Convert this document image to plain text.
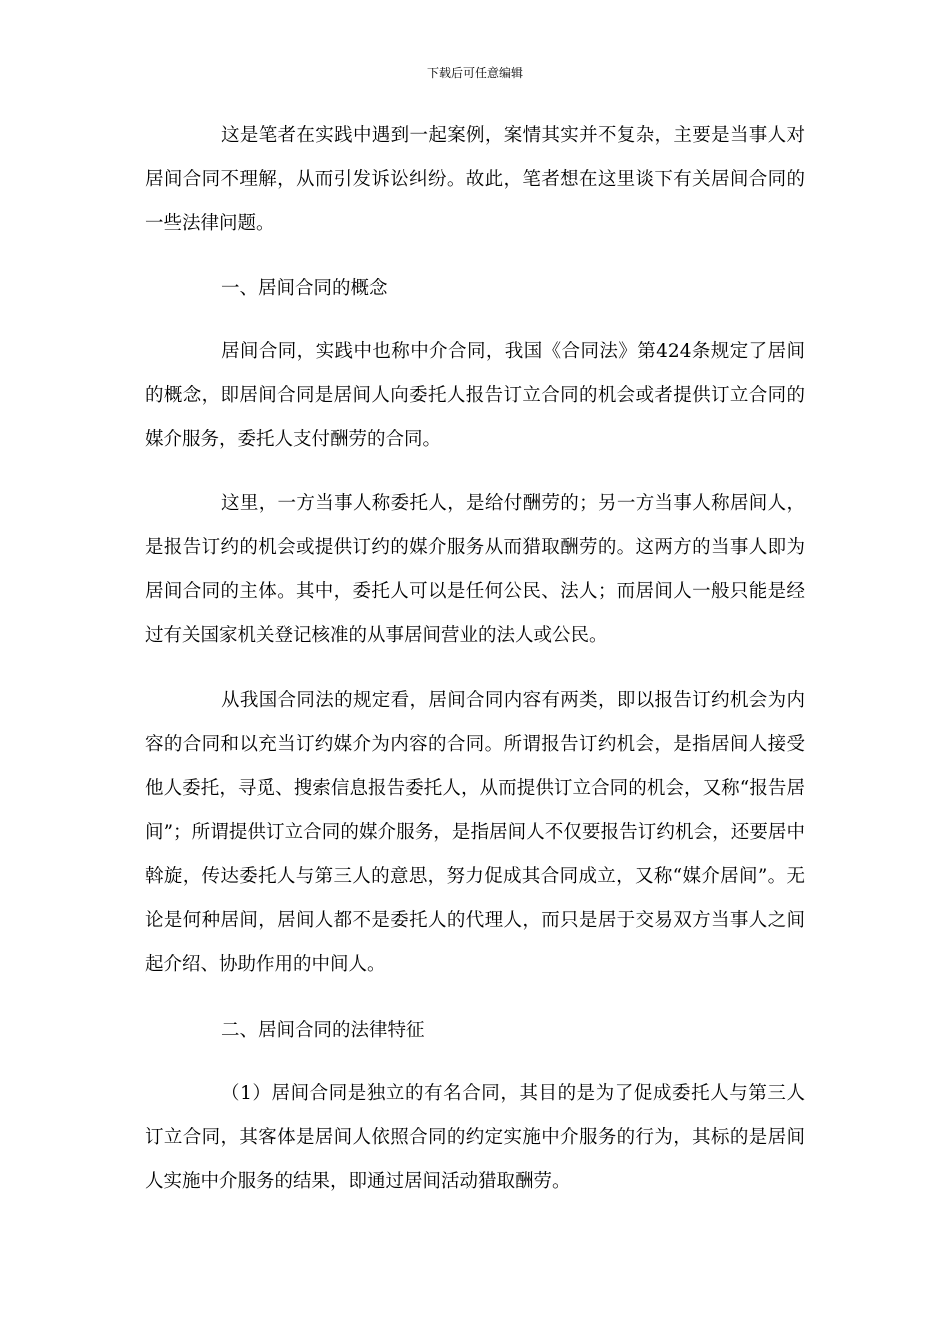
下载后可任意编辑

这是笔者在实践中遇到一起案例，案情其实并不复杂，主要是当事人对居间合同不理解，从而引发诉讼纠纷。故此，笔者想在这里谈下有关居间合同的一些法律问题。

一、居间合同的概念

居间合同，实践中也称中介合同，我国《合同法》第424条规定了居间的概念，即居间合同是居间人向委托人报告订立合同的机会或者提供订立合同的媒介服务，委托人支付酬劳的合同。

这里，一方当事人称委托人，是给付酬劳的；另一方当事人称居间人，是报告订约的机会或提供订约的媒介服务从而猎取酬劳的。这两方的当事人即为居间合同的主体。其中，委托人可以是任何公民、法人；而居间人一般只能是经过有关国家机关登记核准的从事居间营业的法人或公民。

从我国合同法的规定看，居间合同内容有两类，即以报告订约机会为内容的合同和以充当订约媒介为内容的合同。所谓报告订约机会，是指居间人接受他人委托，寻觅、搜索信息报告委托人，从而提供订立合同的机会，又称“报告居间”；所谓提供订立合同的媒介服务，是指居间人不仅要报告订约机会，还要居中斡旋，传达委托人与第三人的意思，努力促成其合同成立，又称“媒介居间”。无论是何种居间，居间人都不是委托人的代理人，而只是居于交易双方当事人之间起介绍、协助作用的中间人。

二、居间合同的法律特征

（1）居间合同是独立的有名合同，其目的是为了促成委托人与第三人订立合同，其客体是居间人依照合同的约定实施中介服务的行为，其标的是居间人实施中介服务的结果，即通过居间活动猎取酬劳。
